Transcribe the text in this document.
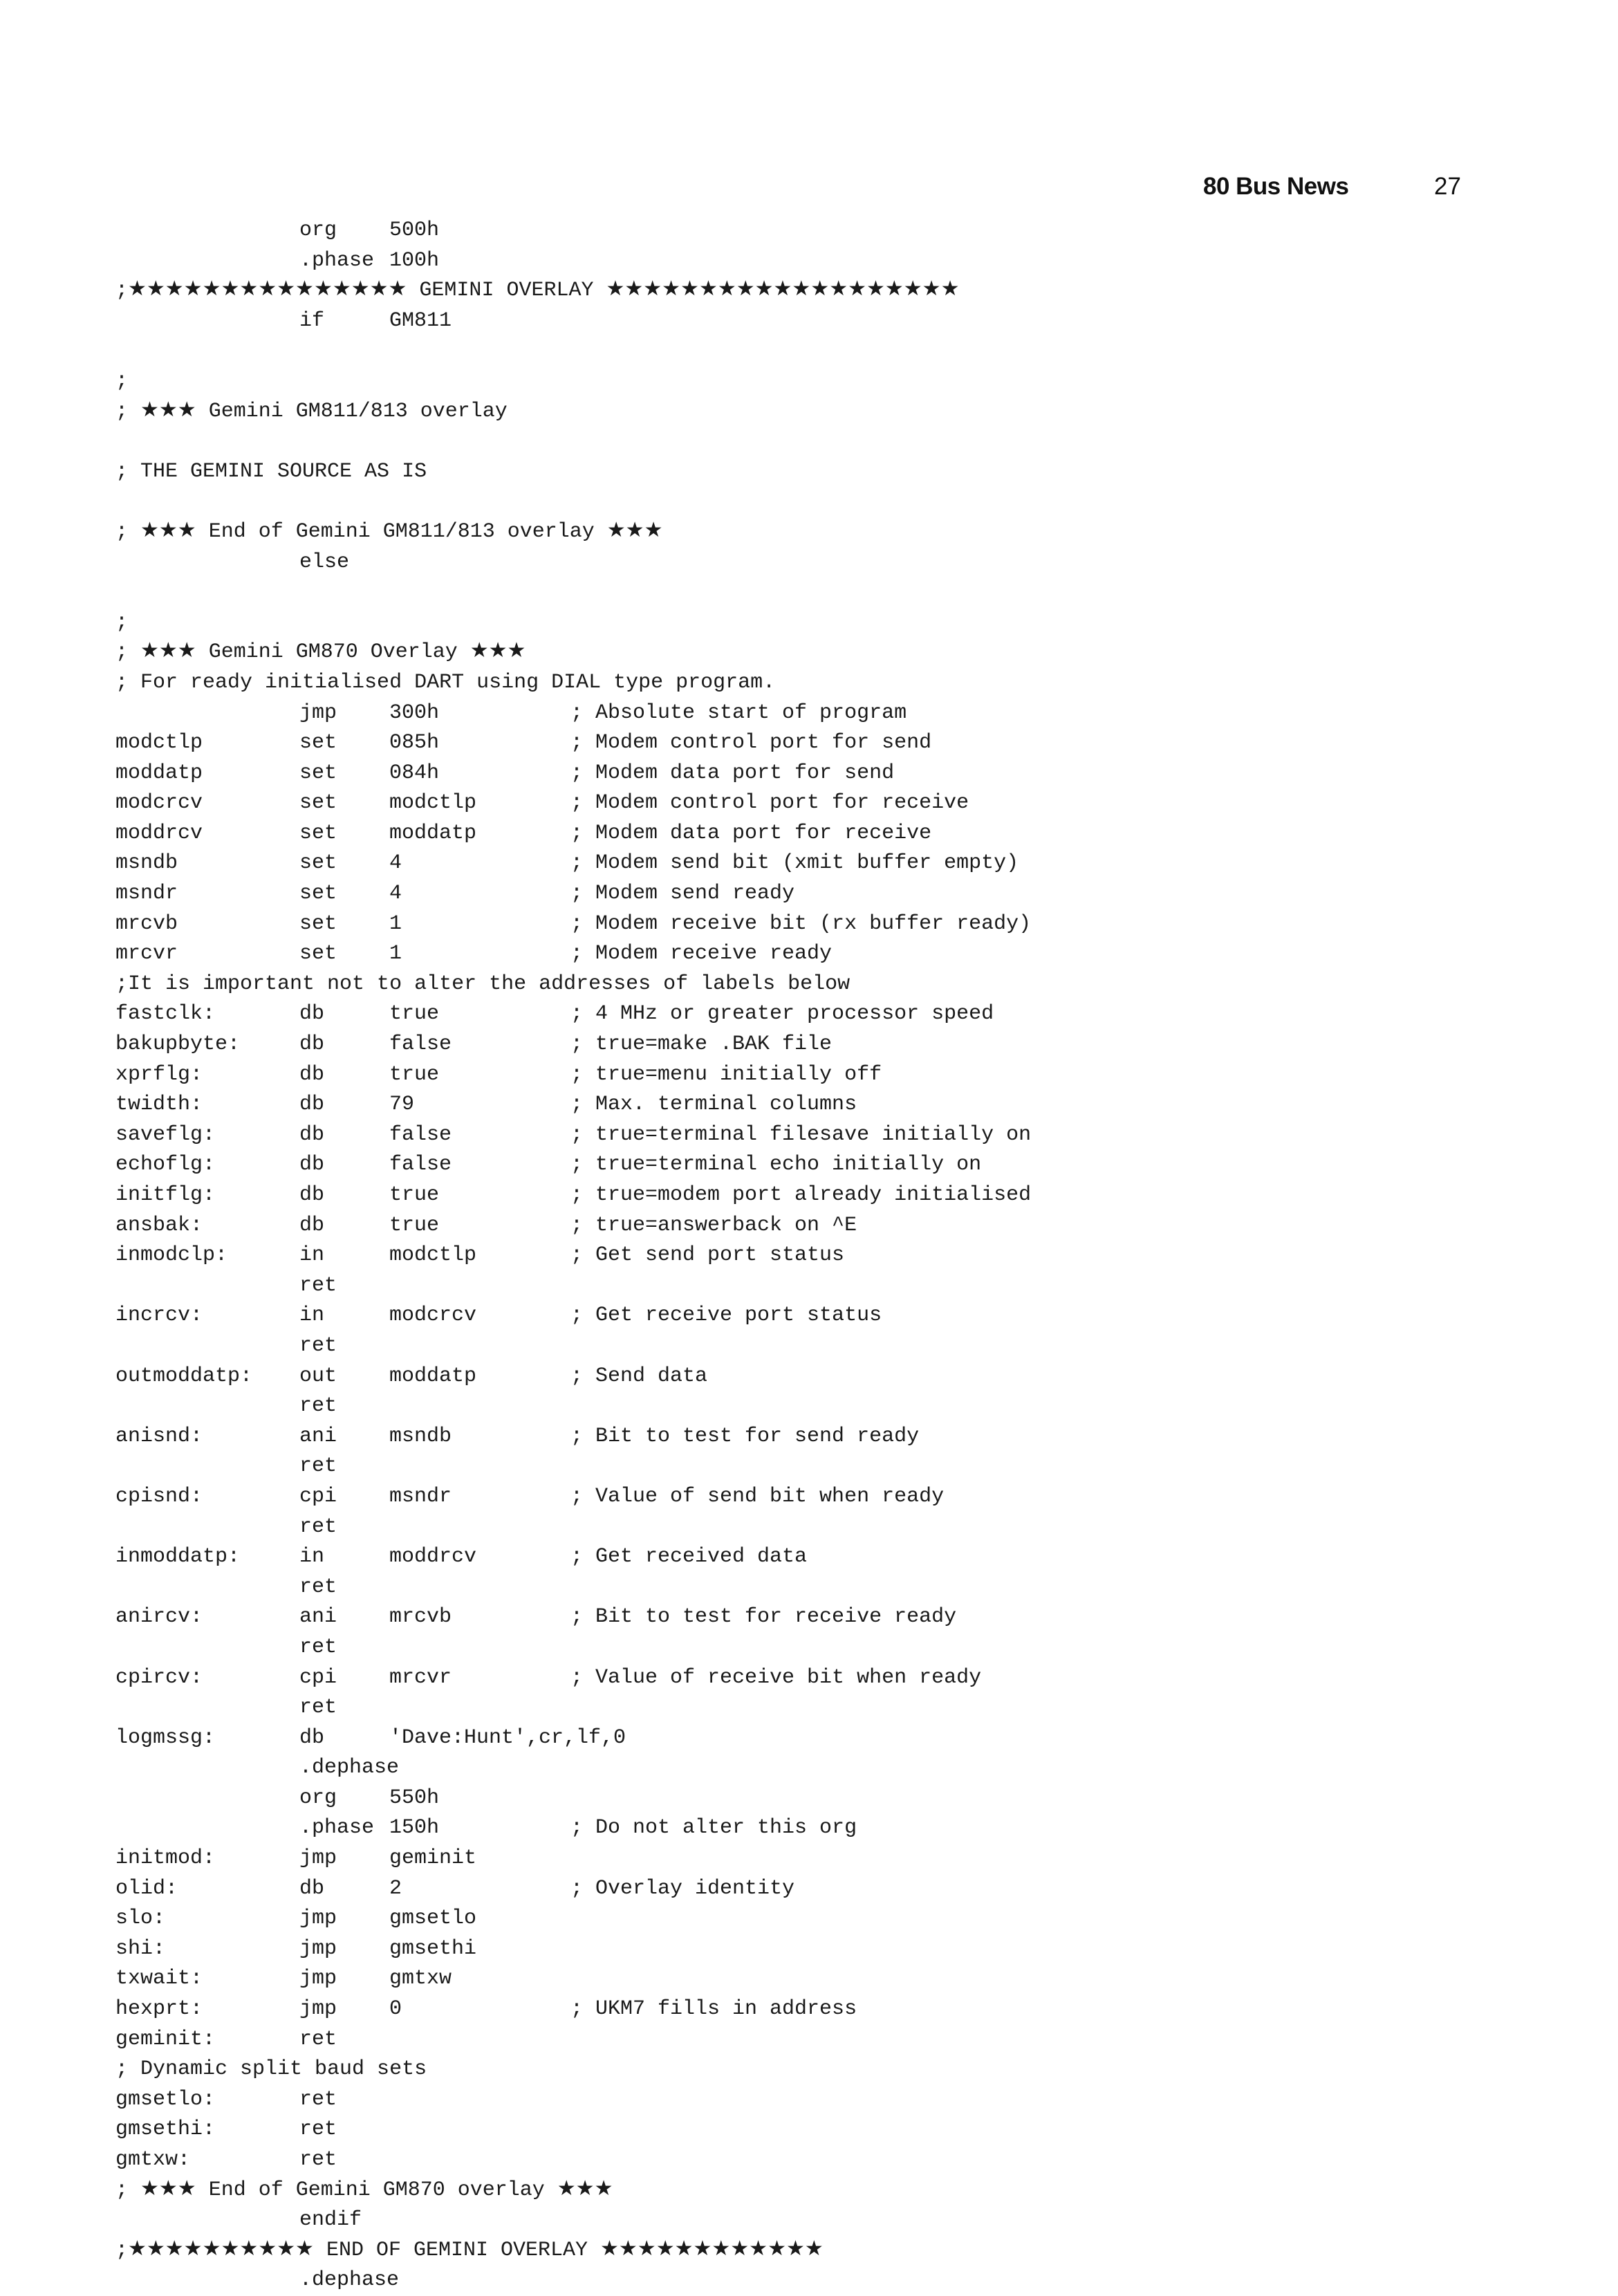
80 Bus News	27
org	500h
.phase 100h
;★★★★★★★★★★★★★★★ GEMINI OVERLAY ★★★★★★★★★★★★★★★★★★★
if	GM811
;
; ★★★ Gemini GM811/813 overlay
; THE GEMINI SOURCE AS IS
; ★★★ End of Gemini GM811/813 overlay ★★★
else
;
; ★★★ Gemini GM870 Overlay ★★★
; For ready initialised DART using DIAL type program.
jmp	300h	; Absolute start of program
modctlp	set	085h	; Modem control port for send
moddatp	set	084h	; Modem data port for send
modcrcv	set	modctlp	; Modem control port for receive
moddrcv	set	moddatp	; Modem data port for receive
msndb	set	4	; Modem send bit (xmit buffer empty)
msndr	set	4	; Modem send ready
mrcvb	set	1	; Modem receive bit (rx buffer ready)
mrcvr	set	1	; Modem receive ready
;It is important not to alter the addresses of labels below
fastclk:	db	true	; 4 MHz or greater processor speed
bakupbyte:	db	false	; true=make .BAK file
xprflg:	db	true	; true=menu initially off
twidth:	db	79	; Max. terminal columns
saveflg:	db	false	; true=terminal filesave initially on
echoflg:	db	false	; true=terminal echo initially on
initflg:	db	true	; true=modem port already initialised
ansbak:	db	true	; true=answerback on ^E
inmodclp:	in	modctlp	; Get send port status
ret
incrcv:	in	modcrcv	; Get receive port status
ret
outmoddatp: out	moddatp	; Send data
ret
anisnd:	ani	msndb	; Bit to test for send ready
ret
cpisnd:	cpi	msndr	; Value of send bit when ready
ret
inmoddatp:	in	moddrcv	; Get received data
ret
anircv:	ani	mrcvb	; Bit to test for receive ready
ret
cpircv:	cpi	mrcvr	; Value of receive bit when ready
ret
logmssg:	db	'Dave:Hunt',cr,lf,0
.dephase
org	550h
.phase 150h	; Do not alter this org
initmod:	jmp	geminit
olid:	db	2	; Overlay identity
slo:	jmp	gmsetlo
shi:	jmp	gmsethi
txwait:	jmp	gmtxw
hexprt:	jmp	0	; UKM7 fills in address
geminit:	ret
; Dynamic split baud sets
gmsetlo:	ret
gmsethi:	ret
gmtxw:	ret
; ★★★ End of Gemini GM870 overlay ★★★
endif
;★★★★★★★★★★ END OF GEMINI OVERLAY ★★★★★★★★★★★★
.dephase
